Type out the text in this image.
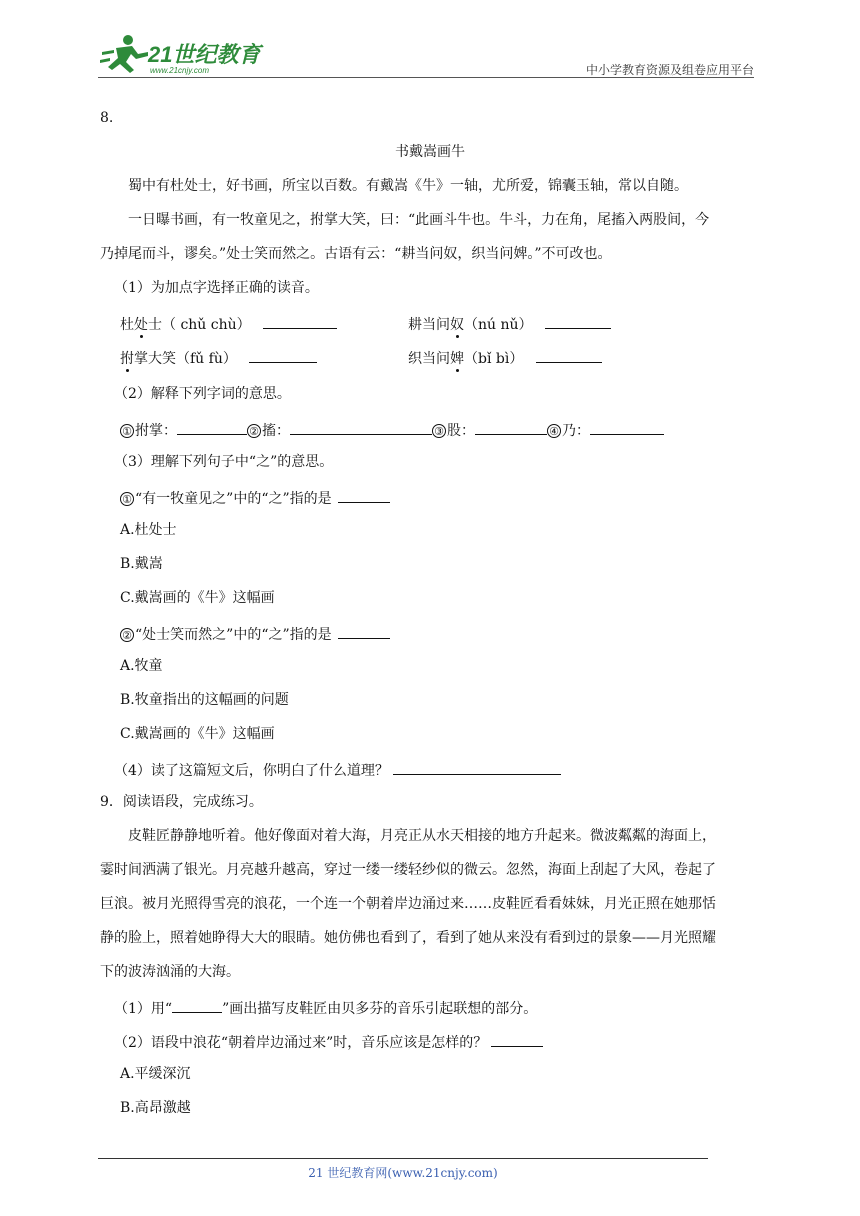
21世纪教育
www.21cnjy.com	中小学教育资源及组卷应用平台
8.
书戴嵩画牛
蜀中有杜处士，好书画，所宝以百数。有戴嵩《牛》一轴，尤所爱，锦囊玉轴，常以自随。
一日曝书画，有一牧童见之，拊掌大笑，曰：“此画斗牛也。牛斗，力在角，尾搐入两股间，今
乃掉尾而斗，谬矣。”处士笑而然之。古语有云：“耕当问奴，织当问婢。”不可改也。
（1）为加点字选择正确的读音。
杜处士（ chǔ chù）	耕当问奴（nú nǔ）
拊掌大笑（fǔ fù）	织当问婢（bǐ bì）
（2）解释下列字词的意思。
① 拊掌：	② 搐：	③ 股：	④ 乃：
（3）理解下列句子中“之”的意思。
① “有一牧童见之”中的“之”指的是
A.杜处士
B.戴嵩
C.戴嵩画的《牛》这幅画
② “处士笑而然之”中的“之”指的是
A.牧童
B.牧童指出的这幅画的问题
C.戴嵩画的《牛》这幅画
（4）读了这篇短文后，你明白了什么道理？
9．阅读语段，完成练习。
皮鞋匠静静地听着。他好像面对着大海，月亮正从水天相接的地方升起来。微波粼粼的海面上，
霎时间洒满了银光。月亮越升越高，穿过一缕一缕轻纱似的微云。忽然，海面上刮起了大风，卷起了
巨浪。被月光照得雪亮的浪花，一个连一个朝着岸边涌过来……皮鞋匠看看妹妹，月光正照在她那恬
静的脸上，照着她睁得大大的眼睛。她仿佛也看到了，看到了她从来没有看到过的景象——月光照耀
下的波涛汹涌的大海。
（1）用“	”画出描写皮鞋匠由贝多芬的音乐引起联想的部分。
（2）语段中浪花“朝着岸边涌过来”时，音乐应该是怎样的？
A.平缓深沉
B.高昂激越
21 世纪教育网(www.21cnjy.com)
